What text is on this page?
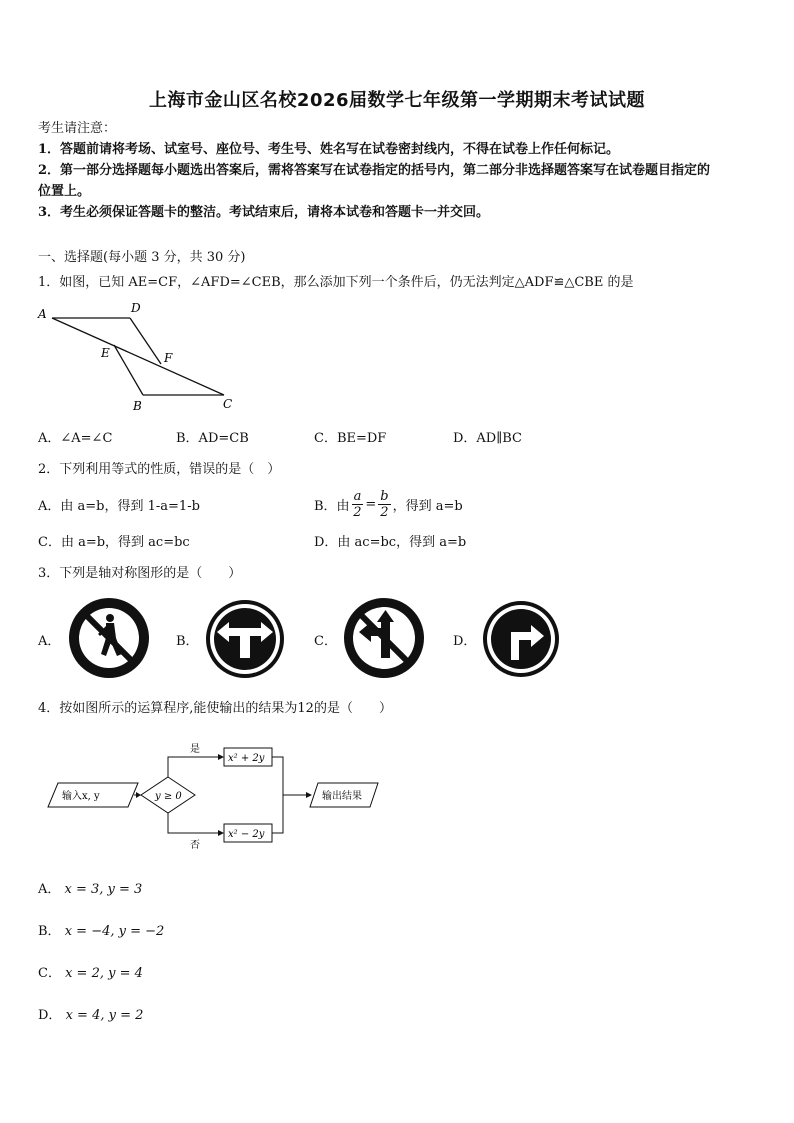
上海市金山区名校2026届数学七年级第一学期期末考试试题
考生请注意：
1．答题前请将考场、试室号、座位号、考生号、姓名写在试卷密封线内，不得在试卷上作任何标记。
2．第一部分选择题每小题选出答案后，需将答案写在试卷指定的括号内，第二部分非选择题答案写在试卷题目指定的
位置上。
3．考生必须保证答题卡的整洁。考试结束后，请将本试卷和答题卡一并交回。
一、选择题(每小题 3 分，共 30 分)
1．如图，已知 AE=CF，∠AFD=∠CEB，那么添加下列一个条件后，仍无法判定△ADF≌△CBE 的是
A	D
E	F
B	C
A．∠A=∠C	B．AD=CB	C．BE=DF	D．AD∥BC
2．下列利用等式的性质，错误的是（　）
A．由 a=b，得到 1-a=1-b	B．由 $\frac{a}{2} = \frac{b}{2}$ ，得到 a=b
C．由 a=b，得到 ac=bc	D．由 ac=bc，得到 a=b
3．下列是轴对称图形的是（　　）
A．	B．	C．	D．
4．按如图所示的运算程序,能使输出的结果为12的是（　　）
输入x, y	y ≥ 0
是
否
x² + 2y
x² − 2y
输出结果
A． x = 3, y = 3
B． x = −4, y = −2
C． x = 2, y = 4
D． x = 4, y = 2
